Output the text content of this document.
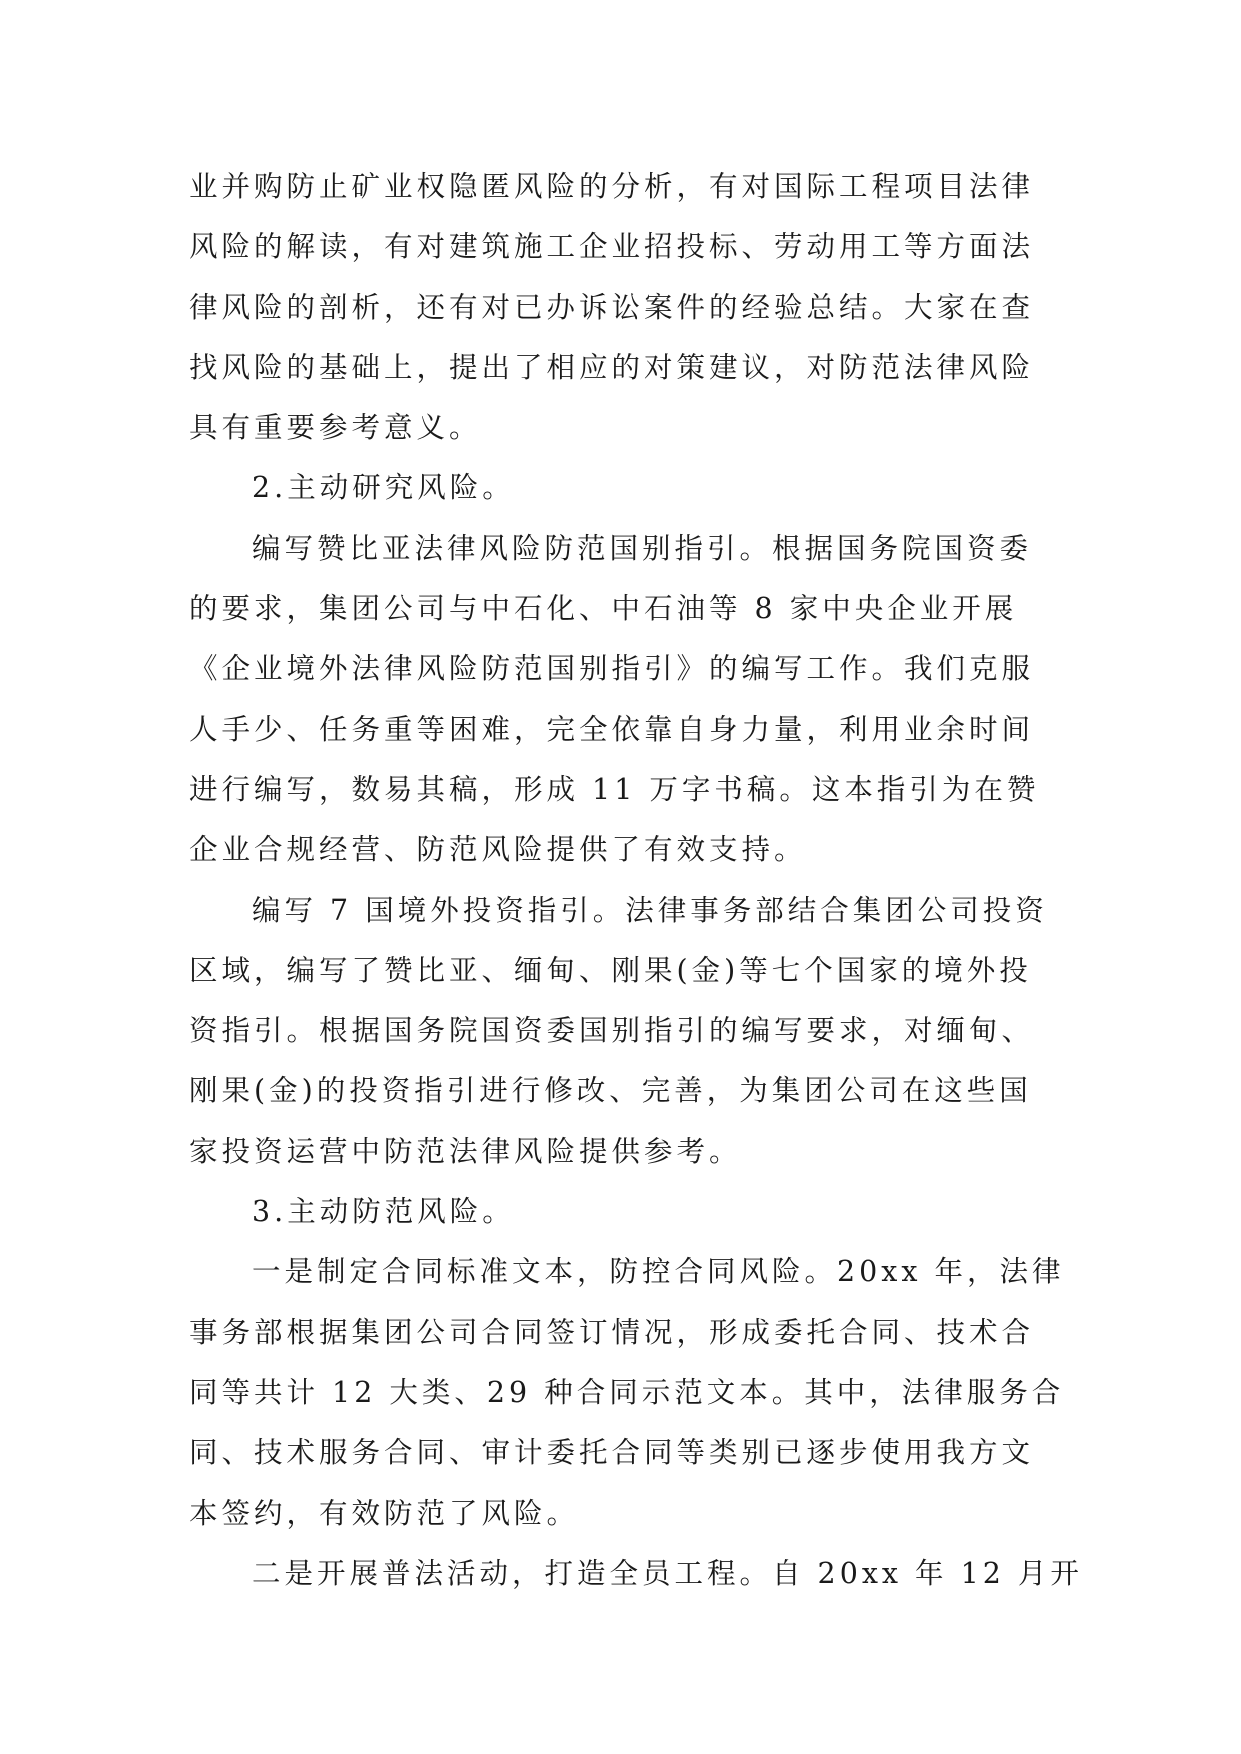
业并购防止矿业权隐匿风险的分析，有对国际工程项目法律
风险的解读，有对建筑施工企业招投标、劳动用工等方面法
律风险的剖析，还有对已办诉讼案件的经验总结。大家在查
找风险的基础上，提出了相应的对策建议，对防范法律风险
具有重要参考意义。
2.主动研究风险。
编写赞比亚法律风险防范国别指引。根据国务院国资委
的要求，集团公司与中石化、中石油等 8 家中央企业开展
《企业境外法律风险防范国别指引》的编写工作。我们克服
人手少、任务重等困难，完全依靠自身力量，利用业余时间
进行编写，数易其稿，形成 11 万字书稿。这本指引为在赞
企业合规经营、防范风险提供了有效支持。
编写 7 国境外投资指引。法律事务部结合集团公司投资
区域，编写了赞比亚、缅甸、刚果(金)等七个国家的境外投
资指引。根据国务院国资委国别指引的编写要求，对缅甸、
刚果(金)的投资指引进行修改、完善，为集团公司在这些国
家投资运营中防范法律风险提供参考。
3.主动防范风险。
一是制定合同标准文本，防控合同风险。20xx 年，法律
事务部根据集团公司合同签订情况，形成委托合同、技术合
同等共计 12 大类、29 种合同示范文本。其中，法律服务合
同、技术服务合同、审计委托合同等类别已逐步使用我方文
本签约，有效防范了风险。
二是开展普法活动，打造全员工程。自 20xx 年 12 月开
